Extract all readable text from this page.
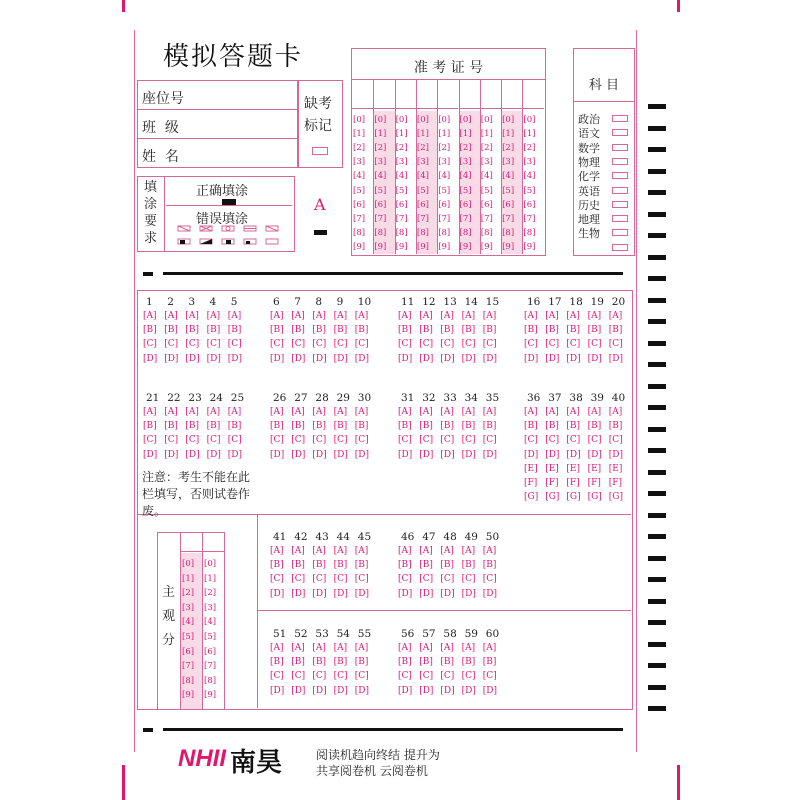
模拟答题卡
座位号
班  级
姓  名
缺考
标记
填
涂
要
求
正确填涂
错误填涂
A
准 考 证 号
[0]
[1]
[2]
[3]
[4]
[5]
[6]
[7]
[8]
[9]
[0]
[1]
[2]
[3]
[4]
[5]
[6]
[7]
[8]
[9]
[0]
[1]
[2]
[3]
[4]
[5]
[6]
[7]
[8]
[9]
[0]
[1]
[2]
[3]
[4]
[5]
[6]
[7]
[8]
[9]
[0]
[1]
[2]
[3]
[4]
[5]
[6]
[7]
[8]
[9]
[0]
[1]
[2]
[3]
[4]
[5]
[6]
[7]
[8]
[9]
[0]
[1]
[2]
[3]
[4]
[5]
[6]
[7]
[8]
[9]
[0]
[1]
[2]
[3]
[4]
[5]
[6]
[7]
[8]
[9]
[0]
[1]
[2]
[3]
[4]
[5]
[6]
[7]
[8]
[9]
科 目
政治
语文
数学
物理
化学
英语
历史
地理
生物
注意：考生不能在此栏填写，否则试卷作废。
1
[A]
[B]
[C]
[D]
2
[A]
[B]
[C]
[D]
3
[A]
[B]
[C]
[D]
4
[A]
[B]
[C]
[D]
5
[A]
[B]
[C]
[D]
6
[A]
[B]
[C]
[D]
7
[A]
[B]
[C]
[D]
8
[A]
[B]
[C]
[D]
9
[A]
[B]
[C]
[D]
10
[A]
[B]
[C]
[D]
11
[A]
[B]
[C]
[D]
12
[A]
[B]
[C]
[D]
13
[A]
[B]
[C]
[D]
14
[A]
[B]
[C]
[D]
15
[A]
[B]
[C]
[D]
16
[A]
[B]
[C]
[D]
17
[A]
[B]
[C]
[D]
18
[A]
[B]
[C]
[D]
19
[A]
[B]
[C]
[D]
20
[A]
[B]
[C]
[D]
21
[A]
[B]
[C]
[D]
22
[A]
[B]
[C]
[D]
23
[A]
[B]
[C]
[D]
24
[A]
[B]
[C]
[D]
25
[A]
[B]
[C]
[D]
26
[A]
[B]
[C]
[D]
27
[A]
[B]
[C]
[D]
28
[A]
[B]
[C]
[D]
29
[A]
[B]
[C]
[D]
30
[A]
[B]
[C]
[D]
31
[A]
[B]
[C]
[D]
32
[A]
[B]
[C]
[D]
33
[A]
[B]
[C]
[D]
34
[A]
[B]
[C]
[D]
35
[A]
[B]
[C]
[D]
36
[A]
[B]
[C]
[D]
[E]
[F]
[G]
37
[A]
[B]
[C]
[D]
[E]
[F]
[G]
38
[A]
[B]
[C]
[D]
[E]
[F]
[G]
39
[A]
[B]
[C]
[D]
[E]
[F]
[G]
40
[A]
[B]
[C]
[D]
[E]
[F]
[G]
41
[A]
[B]
[C]
[D]
42
[A]
[B]
[C]
[D]
43
[A]
[B]
[C]
[D]
44
[A]
[B]
[C]
[D]
45
[A]
[B]
[C]
[D]
46
[A]
[B]
[C]
[D]
47
[A]
[B]
[C]
[D]
48
[A]
[B]
[C]
[D]
49
[A]
[B]
[C]
[D]
50
[A]
[B]
[C]
[D]
51
[A]
[B]
[C]
[D]
52
[A]
[B]
[C]
[D]
53
[A]
[B]
[C]
[D]
54
[A]
[B]
[C]
[D]
55
[A]
[B]
[C]
[D]
56
[A]
[B]
[C]
[D]
57
[A]
[B]
[C]
[D]
58
[A]
[B]
[C]
[D]
59
[A]
[B]
[C]
[D]
60
[A]
[B]
[C]
[D]
主
观
分
[0] [0]
[1] [1]
[2] [2]
[3] [3]
[4] [4]
[5] [5]
[6] [6]
[7] [7]
[8] [8]
[9] [9]
NHII 南昊	阅读机趋向终结 提升为
共享阅卷机 云阅卷机
